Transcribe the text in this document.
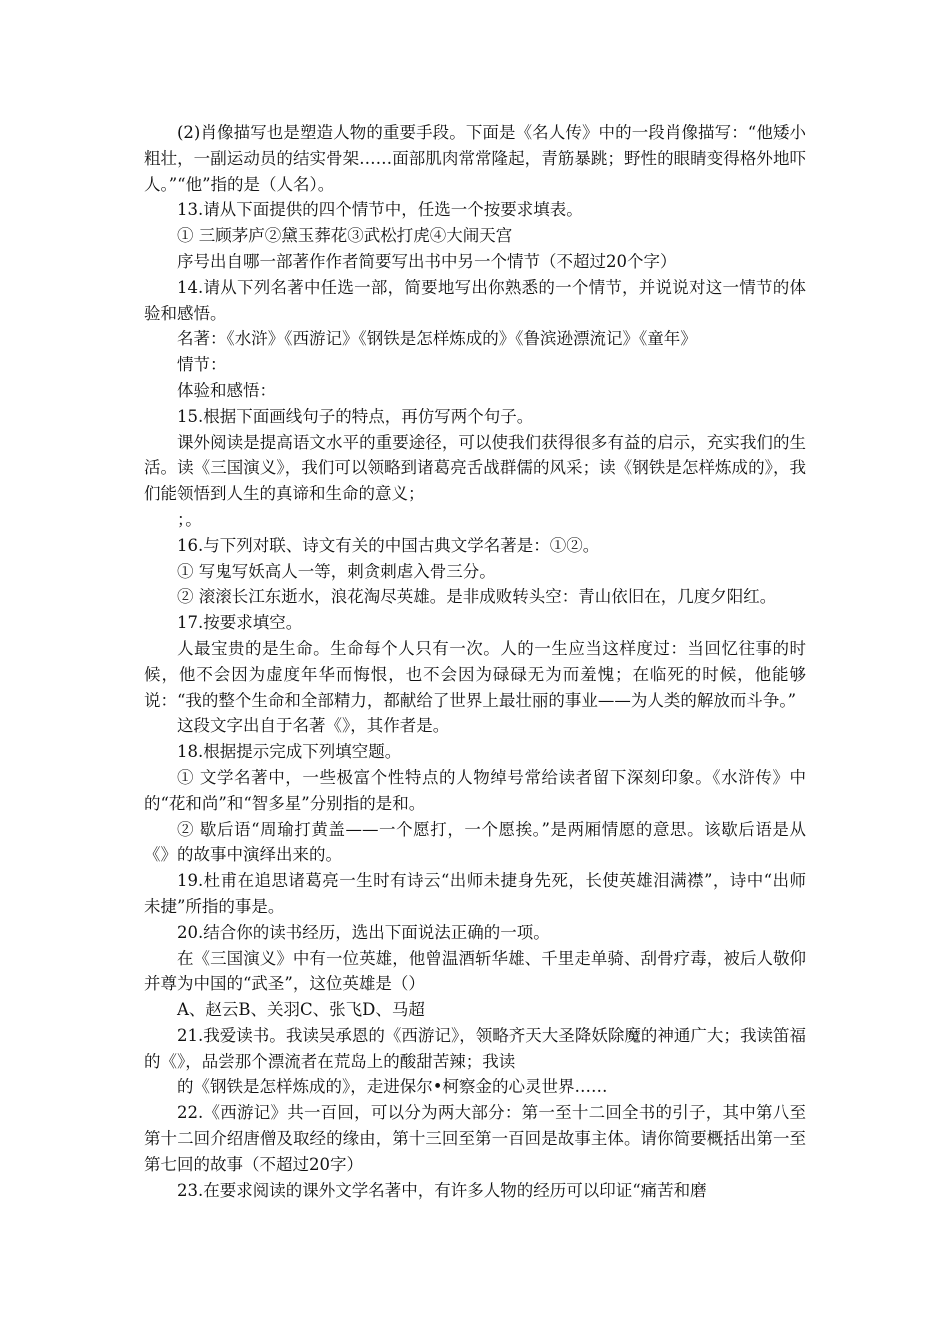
(2)肖像描写也是塑造人物的重要手段。下面是《名人传》中的一段肖像描写：“他矮小粗壮，一副运动员的结实骨架……面部肌肉常常隆起，青筋暴跳；野性的眼睛变得格外地吓人。”“他”指的是（人名）。

13.请从下面提供的四个情节中，任选一个按要求填表。

① 三顾茅庐②黛玉葬花③武松打虎④大闹天宫

序号出自哪一部著作作者简要写出书中另一个情节（不超过20个字）

14.请从下列名著中任选一部，简要地写出你熟悉的一个情节，并说说对这一情节的体验和感悟。

名著：《水浒》《西游记》《钢铁是怎样炼成的》《鲁滨逊漂流记》《童年》

情节：

体验和感悟：

15.根据下面画线句子的特点，再仿写两个句子。

课外阅读是提高语文水平的重要途径，可以使我们获得很多有益的启示，充实我们的生活。读《三国演义》，我们可以领略到诸葛亮舌战群儒的风采；读《钢铁是怎样炼成的》，我们能领悟到人生的真谛和生命的意义；

；。

16.与下列对联、诗文有关的中国古典文学名著是：①②。

① 写鬼写妖高人一等，刺贪刺虐入骨三分。

② 滚滚长江东逝水，浪花淘尽英雄。是非成败转头空：青山依旧在，几度夕阳红。

17.按要求填空。

人最宝贵的是生命。生命每个人只有一次。人的一生应当这样度过：当回忆往事的时候，他不会因为虚度年华而悔恨，也不会因为碌碌无为而羞愧；在临死的时候，他能够说：“我的整个生命和全部精力，都献给了世界上最壮丽的事业——为人类的解放而斗争。”

这段文字出自于名著《》，其作者是。

18.根据提示完成下列填空题。

① 文学名著中，一些极富个性特点的人物绰号常给读者留下深刻印象。《水浒传》中的“花和尚”和“智多星”分别指的是和。

② 歇后语“周瑜打黄盖——一个愿打，一个愿挨。”是两厢情愿的意思。该歇后语是从《》的故事中演绎出来的。

19.杜甫在追思诸葛亮一生时有诗云“出师未捷身先死，长使英雄泪满襟”，诗中“出师未捷”所指的事是。

20.结合你的读书经历，选出下面说法正确的一项。

在《三国演义》中有一位英雄，他曾温酒斩华雄、千里走单骑、刮骨疗毒，被后人敬仰并尊为中国的“武圣”，这位英雄是（）

A、赵云B、关羽C、张飞D、马超

21.我爱读书。我读吴承恩的《西游记》，领略齐天大圣降妖除魔的神通广大；我读笛福的《》，品尝那个漂流者在荒岛上的酸甜苦辣；我读

的《钢铁是怎样炼成的》，走进保尔•柯察金的心灵世界……

22.《西游记》共一百回，可以分为两大部分：第一至十二回全书的引子，其中第八至第十二回介绍唐僧及取经的缘由，第十三回至第一百回是故事主体。请你简要概括出第一至第七回的故事（不超过20字）

23.在要求阅读的课外文学名著中，有许多人物的经历可以印证“痛苦和磨
